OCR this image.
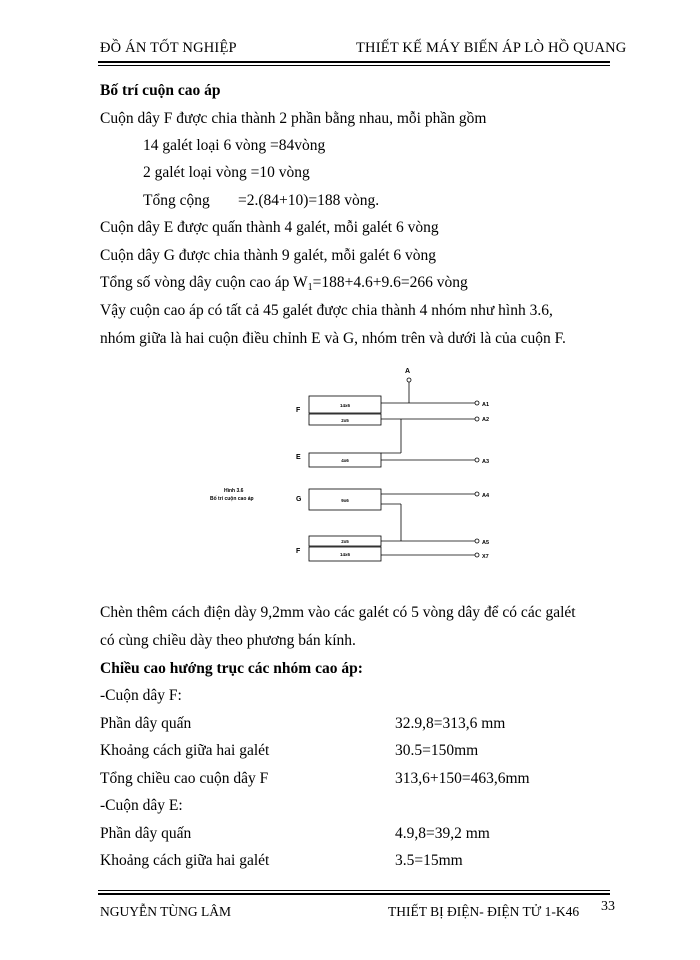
ĐỒ ÁN TỐT NGHIỆP	THIẾT KẾ MÁY BIẾN ÁP LÒ HỒ QUANG
Bố trí cuộn cao áp
Cuộn dây F được chia thành 2 phần bằng nhau, mỗi phần gồm
14 galét loại 6 vòng =84vòng
2 galét loại vòng =10 vòng
Tổng cộng =2.(84+10)=188 vòng.
Cuộn dây E được quấn thành 4 galét, mỗi galét 6 vòng
Cuộn dây G được chia thành 9 galét, mỗi galét 6 vòng
Tổng số vòng dây cuộn cao áp $W_1=188+4.6+9.6=266$ vòng
Vậy cuộn cao áp có tất cả 45 galét được chia thành 4 nhóm như hình 3.6,
nhóm giữa là hai cuộn điều chỉnh E và G, nhóm trên và dưới là của cuộn F.
Hình 3.6
Bố trí cuộn cao áp
A
F
E
G
F
14x6
2x5
4x6
9x6
2x5
14x6
A1
A2
A3
A4
A5
X7
Chèn thêm cách điện dày 9,2mm vào các galét có 5 vòng dây để có các galét
có cùng chiều dày theo phương bán kính.
Chiều cao hướng trục các nhóm cao áp:
-Cuộn dây F:
Phần dây quấn	32.9,8=313,6 mm
Khoảng cách giữa hai galét	30.5=150mm
Tổng chiều cao cuộn dây F	313,6+150=463,6mm
-Cuộn dây E:
Phần dây quấn	4.9,8=39,2 mm
Khoảng cách giữa hai galét	3.5=15mm
NGUYỄN TÙNG LÂM	THIẾT BỊ ĐIỆN- ĐIỆN TỬ 1-K46 33
